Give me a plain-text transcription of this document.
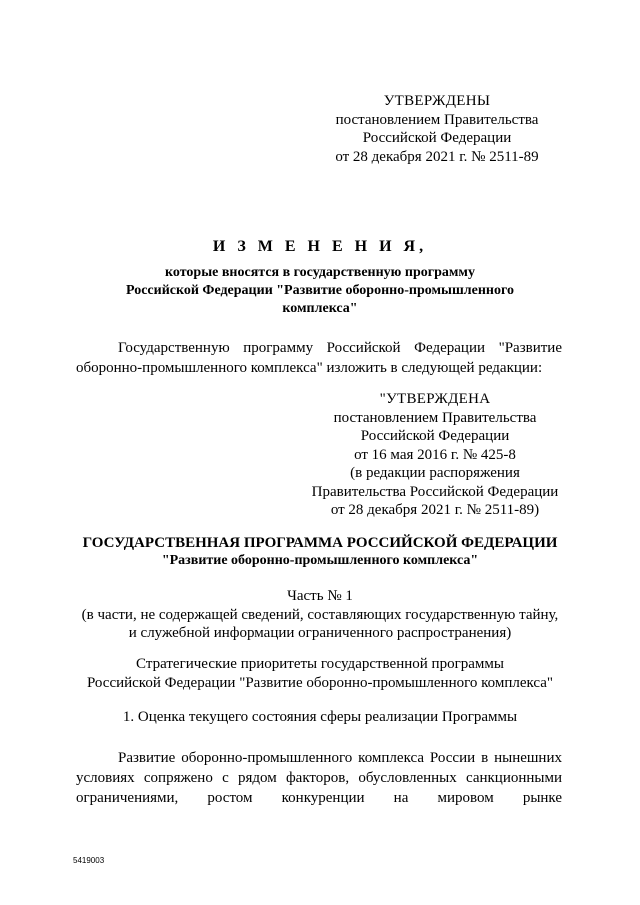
УТВЕРЖДЕНЫ
постановлением Правительства
Российской Федерации
от 28 декабря 2021 г. № 2511-89

И З М Е Н Е Н И Я,

которые вносятся в государственную программу
Российской Федерации "Развитие оборонно-промышленного
комплекса"
Государственную программу Российской Федерации "Развитие
оборонно-промышленного комплекса" изложить в следующей редакции:
"УТВЕРЖДЕНА
постановлением Правительства
Российской Федерации
от 16 мая 2016 г. № 425-8
(в редакции распоряжения
Правительства Российской Федерации
от 28 декабря 2021 г. № 2511-89)
ГОСУДАРСТВЕННАЯ ПРОГРАММА РОССИЙСКОЙ ФЕДЕРАЦИИ
"Развитие оборонно-промышленного комплекса"
Часть № 1
(в части, не содержащей сведений, составляющих государственную тайну,
и служебной информации ограниченного распространения)
Стратегические приоритеты государственной программы
Российской Федерации "Развитие оборонно-промышленного комплекса"
1. Оценка текущего состояния сферы реализации Программы
Развитие оборонно-промышленного комплекса России в нынешних
условиях сопряжено с рядом факторов, обусловленных санкционными
ограничениями, ростом конкуренции на мировом рынке

5419003
